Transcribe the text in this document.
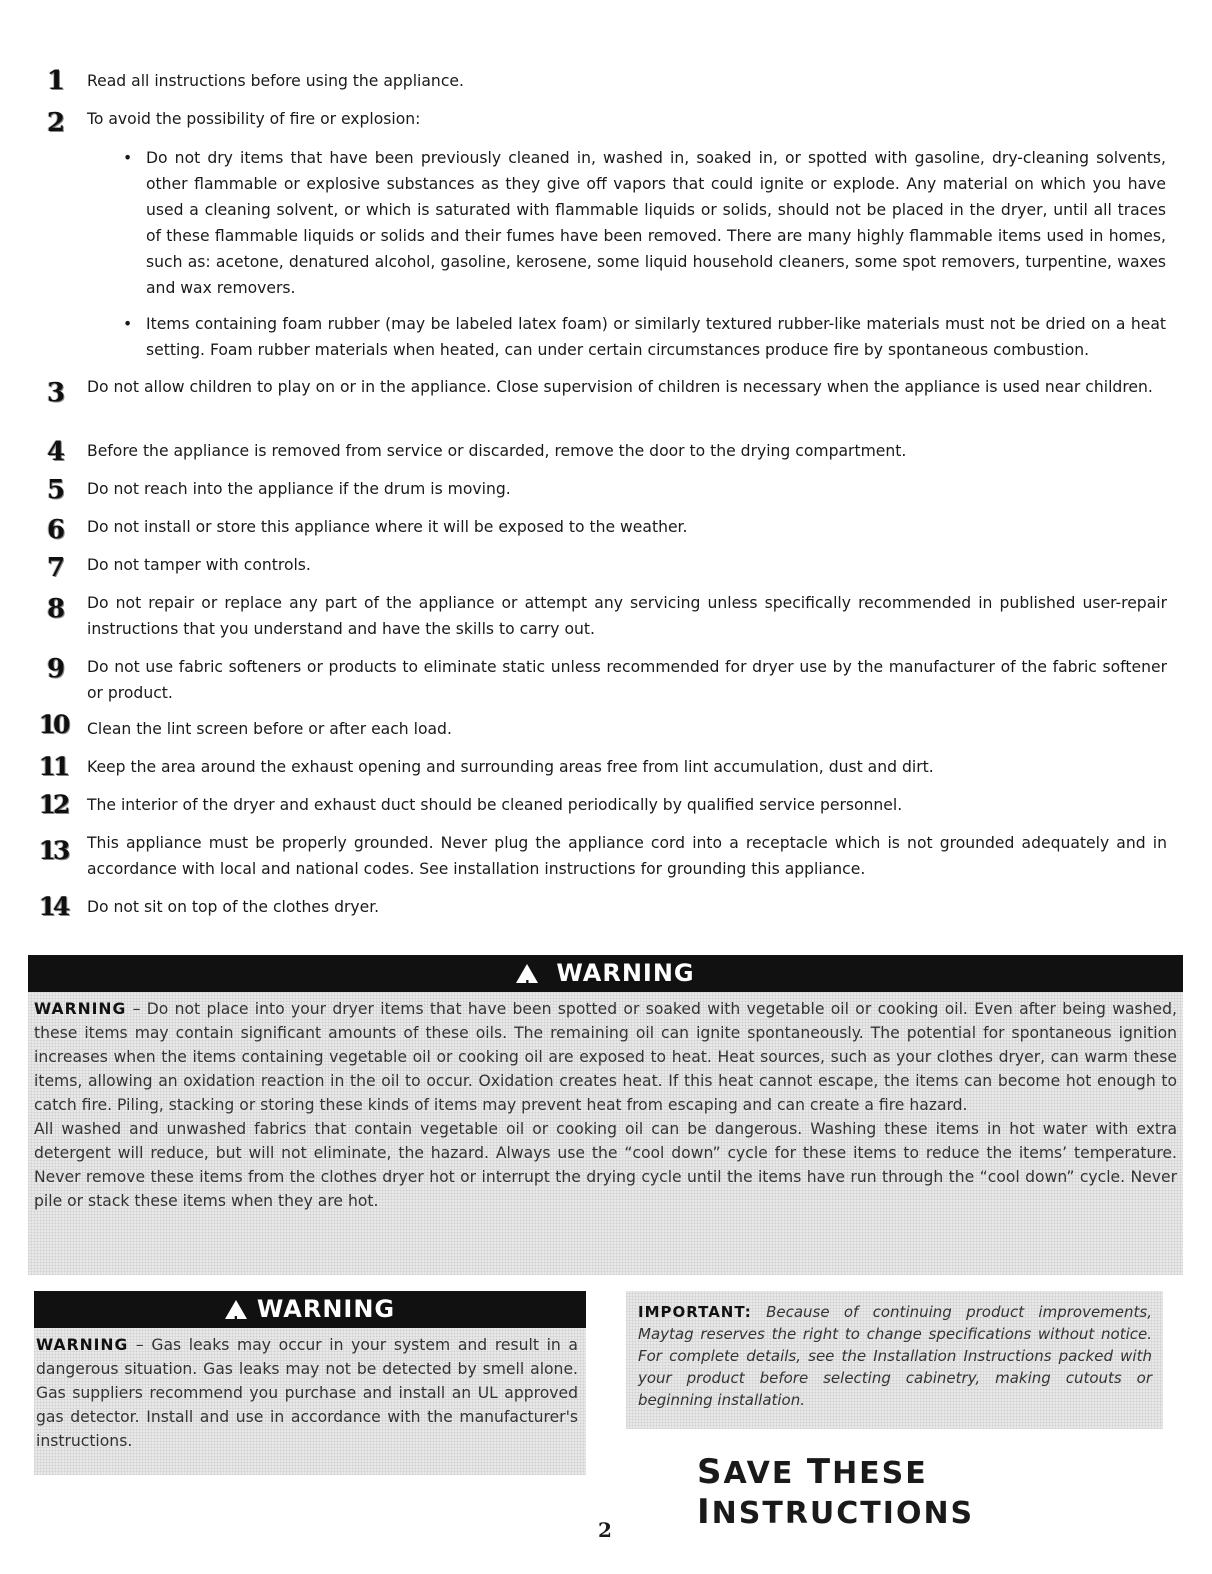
1	Read all instructions before using the appliance.
2	To avoid the possibility of fire or explosion:
• Do not dry items that have been previously cleaned in, washed in, soaked in, or spotted with gasoline, dry-cleaning solvents, other flammable or explosive substances as they give off vapors that could ignite or explode. Any material on which you have used a cleaning solvent, or which is saturated with flammable liquids or solids, should not be placed in the dryer, until all traces of these flammable liquids or solids and their fumes have been removed. There are many highly flammable items used in homes, such as: acetone, denatured alcohol, gasoline, kerosene, some liquid household cleaners, some spot removers, turpentine, waxes and wax removers.
• Items containing foam rubber (may be labeled latex foam) or similarly textured rubber-like materials must not be dried on a heat setting. Foam rubber materials when heated, can under certain circumstances produce fire by spontaneous combustion.
3	Do not allow children to play on or in the appliance. Close supervision of children is necessary when the appliance is used near children.
4	Before the appliance is removed from service or discarded, remove the door to the drying compartment.
5	Do not reach into the appliance if the drum is moving.
6	Do not install or store this appliance where it will be exposed to the weather.
7	Do not tamper with controls.
8	Do not repair or replace any part of the appliance or attempt any servicing unless specifically recommended in published user-repair instructions that you understand and have the skills to carry out.
9	Do not use fabric softeners or products to eliminate static unless recommended for dryer use by the manufacturer of the fabric softener or product.
10	Clean the lint screen before or after each load.
11	Keep the area around the exhaust opening and surrounding areas free from lint accumulation, dust and dirt.
12	The interior of the dryer and exhaust duct should be cleaned periodically by qualified service personnel.
13	This appliance must be properly grounded. Never plug the appliance cord into a receptacle which is not grounded adequately and in accordance with local and national codes. See installation instructions for grounding this appliance.
14	Do not sit on top of the clothes dryer.
!WARNING
WARNING – Do not place into your dryer items that have been spotted or soaked with vegetable oil or cooking oil. Even after being washed, these items may contain significant amounts of these oils. The remaining oil can ignite spontaneously. The potential for spontaneous ignition increases when the items containing vegetable oil or cooking oil are exposed to heat. Heat sources, such as your clothes dryer, can warm these items, allowing an oxidation reaction in the oil to occur. Oxidation creates heat. If this heat cannot escape, the items can become hot enough to catch fire. Piling, stacking or storing these kinds of items may prevent heat from escaping and can create a fire hazard.
All washed and unwashed fabrics that contain vegetable oil or cooking oil can be dangerous. Washing these items in hot water with extra detergent will reduce, but will not eliminate, the hazard. Always use the “cool down” cycle for these items to reduce the items’ temperature. Never remove these items from the clothes dryer hot or interrupt the drying cycle until the items have run through the “cool down” cycle. Never pile or stack these items when they are hot.
!WARNING
WARNING – Gas leaks may occur in your system and result in a dangerous situation. Gas leaks may not be detected by smell alone. Gas suppliers recommend you purchase and install an UL approved gas detector. Install and use in accordance with the manufacturer's instructions.
IMPORTANT: Because of continuing product improvements, Maytag reserves the right to change specifications without notice. For complete details, see the Installation Instructions packed with your product before selecting cabinetry, making cutouts or beginning installation.
SAVE THESE INSTRUCTIONS
2
